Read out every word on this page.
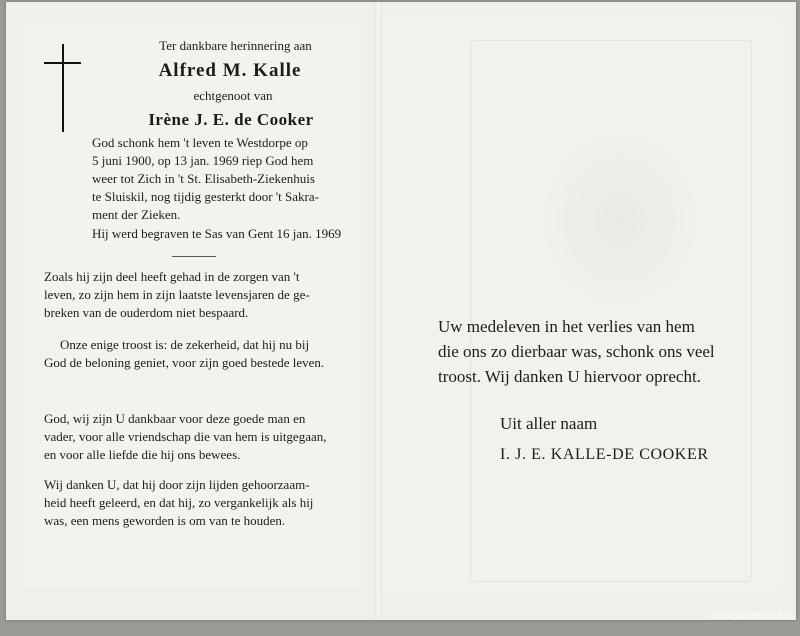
Ter dankbare herinnering aan
Alfred M. Kalle
echtgenoot van
Irène J. E. de Cooker
God schonk hem 't leven te Westdorpe op
5 juni 1900, op 13 jan. 1969 riep God hem
weer tot Zich in 't St. Elisabeth-Ziekenhuis
te Sluiskil, nog tijdig gesterkt door 't Sakra-
ment der Zieken.
Hij werd begraven te Sas van Gent 16 jan. 1969
Zoals hij zijn deel heeft gehad in de zorgen van 't
leven, zo zijn hem in zijn laatste levensjaren de ge-
breken van de ouderdom niet bespaard.
Onze enige troost is: de zekerheid, dat hij nu bij
God de beloning geniet, voor zijn goed bestede leven.
God, wij zijn U dankbaar voor deze goede man en
vader, voor alle vriendschap die van hem is uitgegaan,
en voor alle liefde die hij ons bewees.
Wij danken U, dat hij door zijn lijden gehoorzaam-
heid heeft geleerd, en dat hij, zo vergankelijk als hij
was, een mens geworden is om van te houden.
Uw medeleven in het verlies van hem
die ons zo dierbaar was, schonk ons veel
troost. Wij danken U hiervoor oprecht.
Uit aller naam
I. J. E. KALLE-DE COOKER
www.indeken.be
